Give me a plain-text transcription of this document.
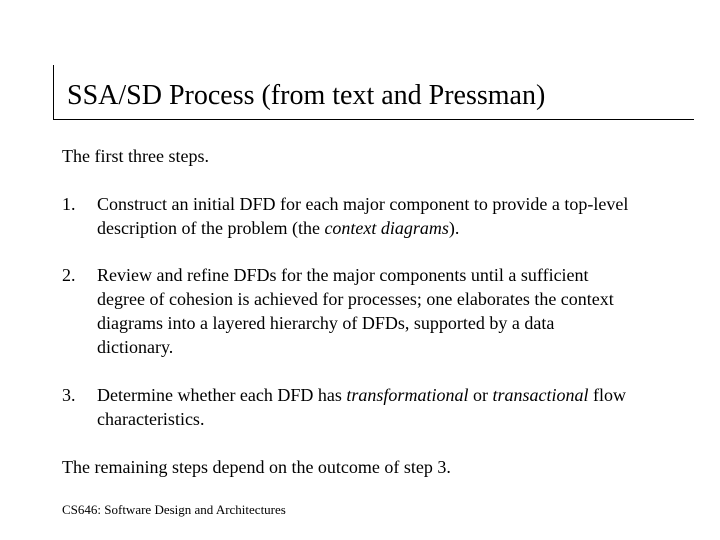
SSA/SD Process (from text and Pressman)

The first three steps.

1. Construct an initial DFD for each major component to provide a top-level description of the problem (the context diagrams).
2. Review and refine DFDs for the major components until a sufficient degree of cohesion is achieved for processes; one elaborates the context diagrams into a layered hierarchy of DFDs, supported by a data dictionary.
3. Determine whether each DFD has transformational or transactional flow characteristics.

The remaining steps depend on the outcome of step 3.

CS646: Software Design and Architectures
